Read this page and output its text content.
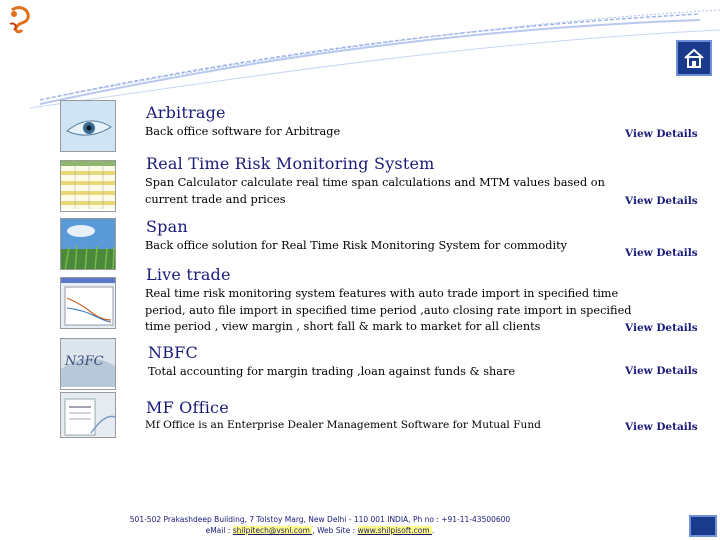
Arbitrage
Back office software for Arbitrage	View Details
Real Time Risk Monitoring System
Span Calculator calculate real time span calculations and MTM values based on current trade and prices	View Details
Span
Back office solution for Real Time Risk Monitoring System for commodity
View Details
Live trade
Real time risk monitoring system features with auto trade import in specified time period, auto file import in specified time period ,auto closing rate import in specified time period , view margin , short fall & mark to market for all clients	View Details
N3FC	NBFC
Total accounting for margin trading ,loan against funds & share	View Details
MF Office
Mf Office is an Enterprise Dealer Management Software for Mutual Fund	View Details
501-502 Prakashdeep Building, 7 Tolstoy Marg, New Delhi - 110 001 INDIA, Ph no : +91-11-43500600
eMail : shilpitech@vsnl.com , Web Site : www.shilpisoft.com .
